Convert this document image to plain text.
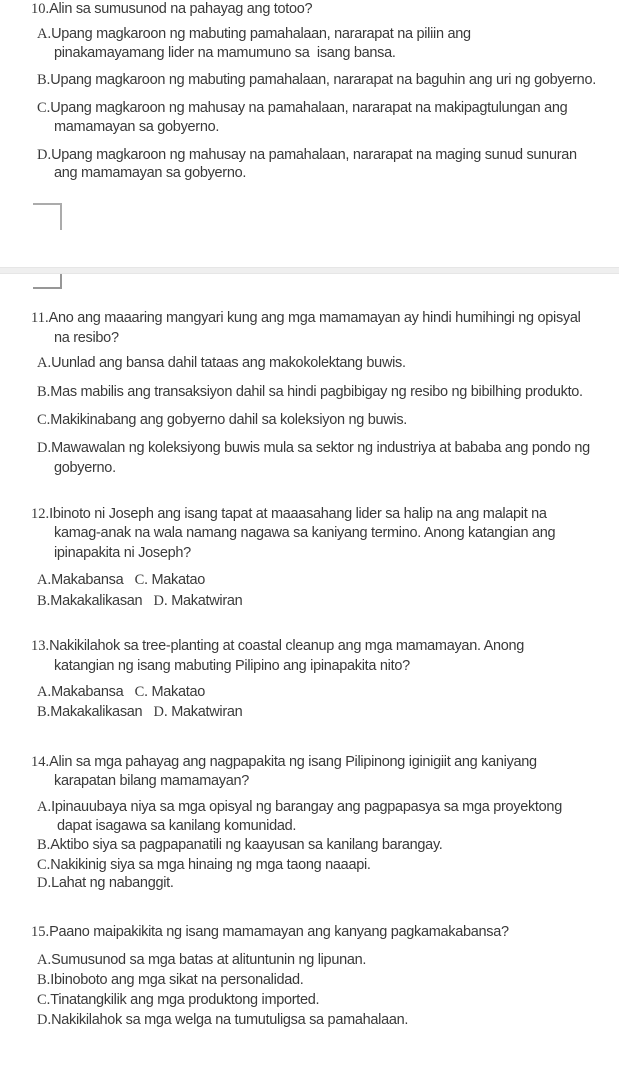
10.Alin sa sumusunod na pahayag ang totoo?
A.Upang magkaroon ng mabuting pamahalaan, nararapat na piliin ang
pinakamayamang lider na mamumuno sa  isang bansa.
B.Upang magkaroon ng mabuting pamahalaan, nararapat na baguhin ang uri ng gobyerno.
C.Upang magkaroon ng mahusay na pamahalaan, nararapat na makipagtulungan ang
mamamayan sa gobyerno.
D.Upang magkaroon ng mahusay na pamahalaan, nararapat na maging sunud sunuran
ang mamamayan sa gobyerno.
11.Ano ang maaaring mangyari kung ang mga mamamayan ay hindi humihingi ng opisyal
na resibo?
A.Uunlad ang bansa dahil tataas ang makokolektang buwis.
B.Mas mabilis ang transaksiyon dahil sa hindi pagbibigay ng resibo ng bibilhing produkto.
C.Makikinabang ang gobyerno dahil sa koleksiyon ng buwis.
D.Mawawalan ng koleksiyong buwis mula sa sektor ng industriya at bababa ang pondo ng
gobyerno.
12.Ibinoto ni Joseph ang isang tapat at maaasahang lider sa halip na ang malapit na
kamag-anak na wala namang nagawa sa kaniyang termino. Anong katangian ang
ipinapakita ni Joseph?
A.Makabansa   C. Makatao
B.Makakalikasan   D. Makatwiran
13.Nakikilahok sa tree-planting at coastal cleanup ang mga mamamayan. Anong
katangian ng isang mabuting Pilipino ang ipinapakita nito?
A.Makabansa   C. Makatao
B.Makakalikasan   D. Makatwiran
14.Alin sa mga pahayag ang nagpapakita ng isang Pilipinong iginigiit ang kaniyang
karapatan bilang mamamayan?
A.Ipinauubaya niya sa mga opisyal ng barangay ang pagpapasya sa mga proyektong
dapat isagawa sa kanilang komunidad.
B.Aktibo siya sa pagpapanatili ng kaayusan sa kanilang barangay.
C.Nakikinig siya sa mga hinaing ng mga taong naaapi.
D.Lahat ng nabanggit.
15.Paano maipakikita ng isang mamamayan ang kanyang pagkamakabansa?
A.Sumusunod sa mga batas at alituntunin ng lipunan.
B.Ibinoboto ang mga sikat na personalidad.
C.Tinatangkilik ang mga produktong imported.
D.Nakikilahok sa mga welga na tumutuligsa sa pamahalaan.
